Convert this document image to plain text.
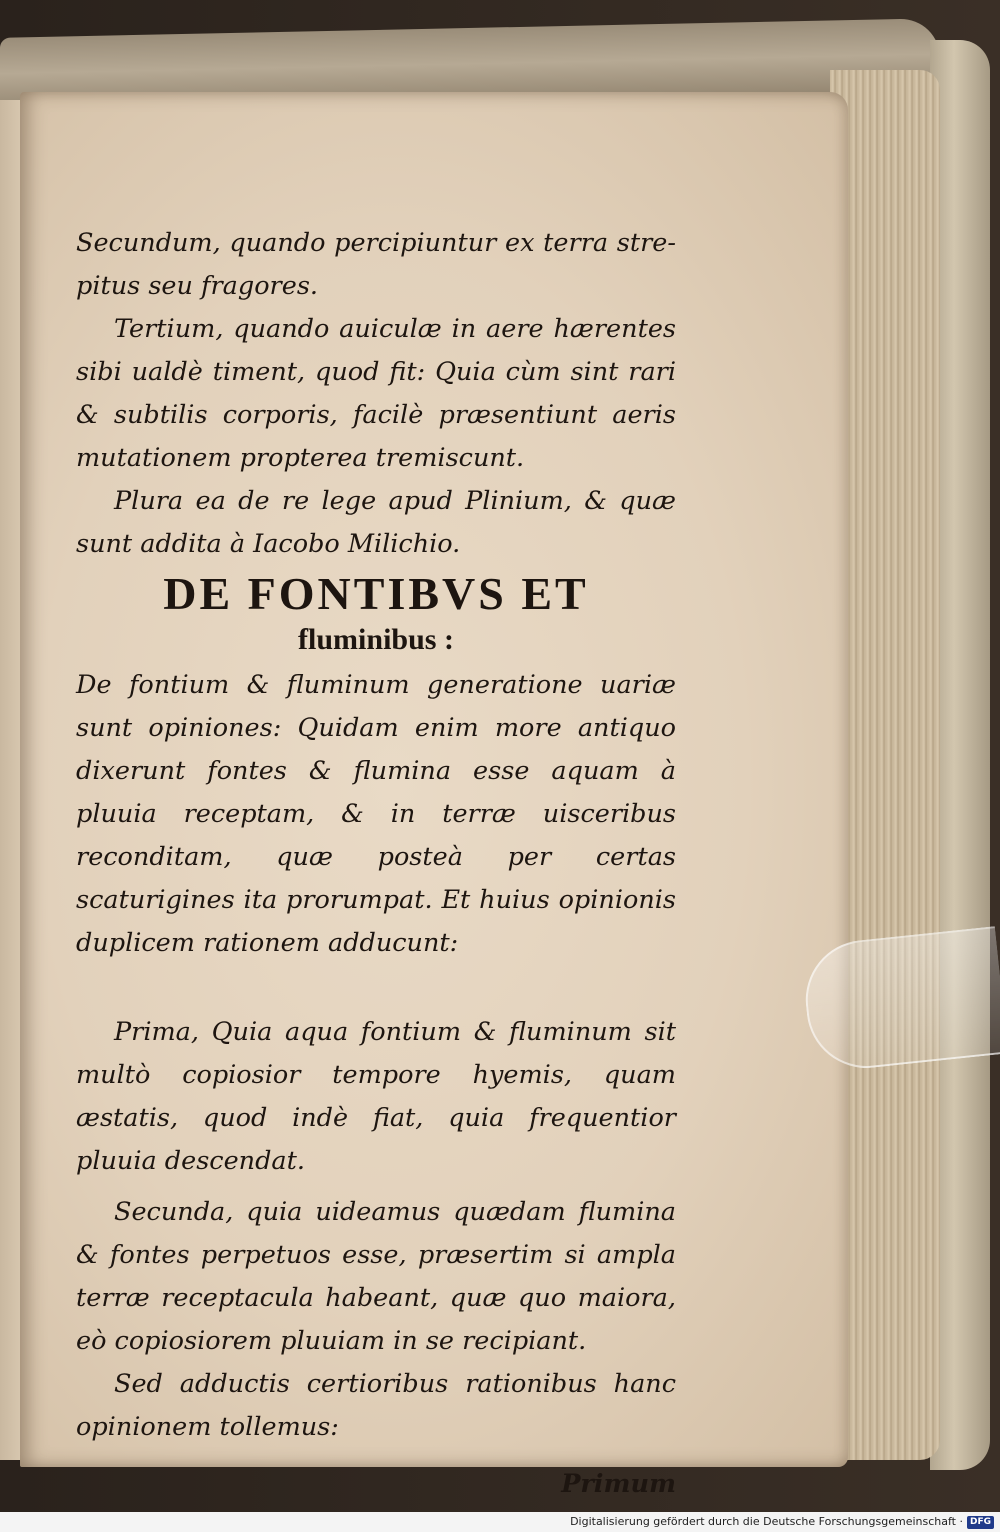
Secundum, quando percipiuntur ex terra strepitus seu fragores.

Tertium, quando auiculæ in aere hærentes sibi ualdè timent, quod fit: Quia cùm sint rari & subtilis corporis, facilè præsentiunt aeris mutationem propterea tremiscunt.

Plura ea de re lege apud Plinium, & quæ sunt addita à Iacobo Milichio.

DE FONTIBVS ET
fluminibus :

De fontium & fluminum generatione uariæ sunt opiniones: Quidam enim more antiquo dixerunt fontes & flumina esse aquam à pluuia receptam, & in terræ uisceribus reconditam, quæ posteà per certas scaturigines ita prorumpat. Et huius opinionis duplicem rationem adducunt:

Prima, Quia aqua fontium & fluminum sit multò copiosior tempore hyemis, quam æstatis, quod indè fiat, quia frequentior pluuia descendat.

Secunda, quia uideamus quædam flumina & fontes perpetuos esse, præsertim si ampla terræ receptacula habeant, quæ quo maiora, eò copiosiorem pluuiam in se recipiant.

Sed adductis certioribus rationibus hanc opinionem tollemus:

Primum

Digitalisierung gefördert durch die Deutsche Forschungsgemeinschaft · DFG
